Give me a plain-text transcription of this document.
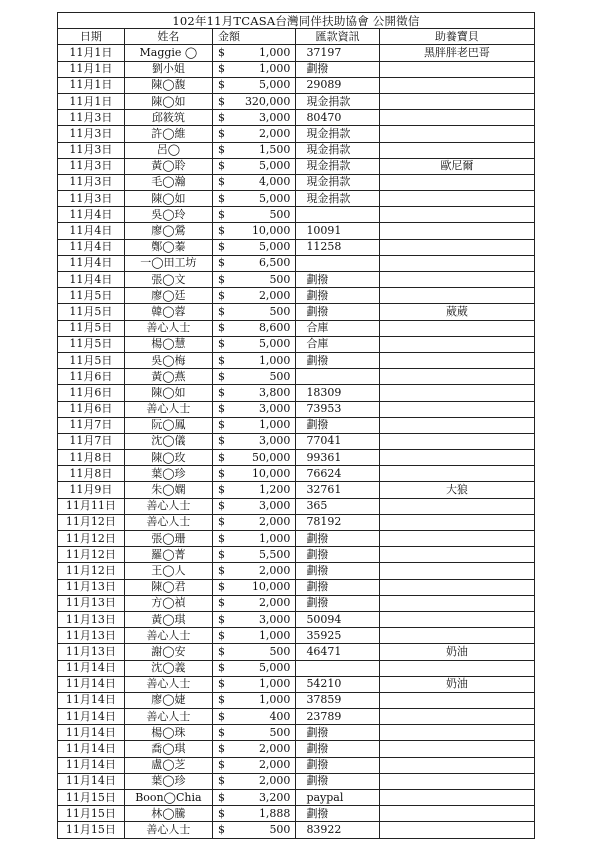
102年11月TCASA台灣同伴扶助協會 公開徵信				
日期	姓名	金額	匯款資訊	助養寶貝
11月1日	Maggie ◯	$ 1,000	37197	黑胖胖老巴哥
11月1日	劉小姐	$ 1,000	劃撥	
11月1日	陳◯馥	$ 5,000	29089	
11月1日	陳◯如	$ 320,000	現金捐款	
11月3日	邱筱筑	$ 3,000	80470	
11月3日	許◯維	$ 2,000	現金捐款	
11月3日	呂◯	$ 1,500	現金捐款	
11月3日	黃◯聆	$ 5,000	現金捐款	歐尼爾
11月3日	毛◯瀚	$ 4,000	現金捐款	
11月3日	陳◯如	$ 5,000	現金捐款	
11月4日	吳◯玲	$ 500		

11月4日	廖◯鶯	$ 10,000	10091	
11月4日	鄭◯蓁	$ 5,000	11258	
11月4日	一◯田工坊	$ 6,500		

11月4日	張◯文	$ 500	劃撥	
11月5日	廖◯廷	$ 2,000	劃撥	
11月5日	韓◯蓉	$ 500	劃撥	葳葳
11月5日	善心人士	$ 8,600	合庫	
11月5日	楊◯慧	$ 5,000	合庫	
11月5日	吳◯梅	$ 1,000	劃撥	
11月6日	黃◯燕	$ 500		

11月6日	陳◯如	$ 3,800	18309	
11月6日	善心人士	$ 3,000	73953	
11月7日	阮◯鳳	$ 1,000	劃撥	
11月7日	沈◯儀	$ 3,000	77041	
11月8日	陳◯玫	$ 50,000	99361	
11月8日	葉◯珍	$ 10,000	76624	
11月9日	朱◯嫻	$ 1,200	32761	大狼
11月11日	善心人士	$ 3,000	365	
11月12日	善心人士	$ 2,000	78192	
11月12日	張◯珊	$ 1,000	劃撥	
11月12日	羅◯菁	$ 5,500	劃撥	
11月12日	王◯人	$ 2,000	劃撥	
11月13日	陳◯君	$ 10,000	劃撥	
11月13日	方◯禎	$ 2,000	劃撥	
11月13日	黃◯琪	$ 3,000	50094	
11月13日	善心人士	$ 1,000	35925	
11月13日	謝◯安	$ 500	46471	奶油
11月14日	沈◯義	$ 5,000		

11月14日	善心人士	$ 1,000	54210	奶油
11月14日	廖◯婕	$ 1,000	37859	
11月14日	善心人士	$ 400	23789	
11月14日	楊◯珠	$ 500	劃撥	
11月14日	喬◯琪	$ 2,000	劃撥	
11月14日	盧◯芝	$ 2,000	劃撥	
11月14日	葉◯珍	$ 2,000	劃撥	
11月15日	Boon◯Chia	$ 3,200	paypal	
11月15日	林◯騰	$ 1,888	劃撥	
11月15日	善心人士	$ 500	83922	
